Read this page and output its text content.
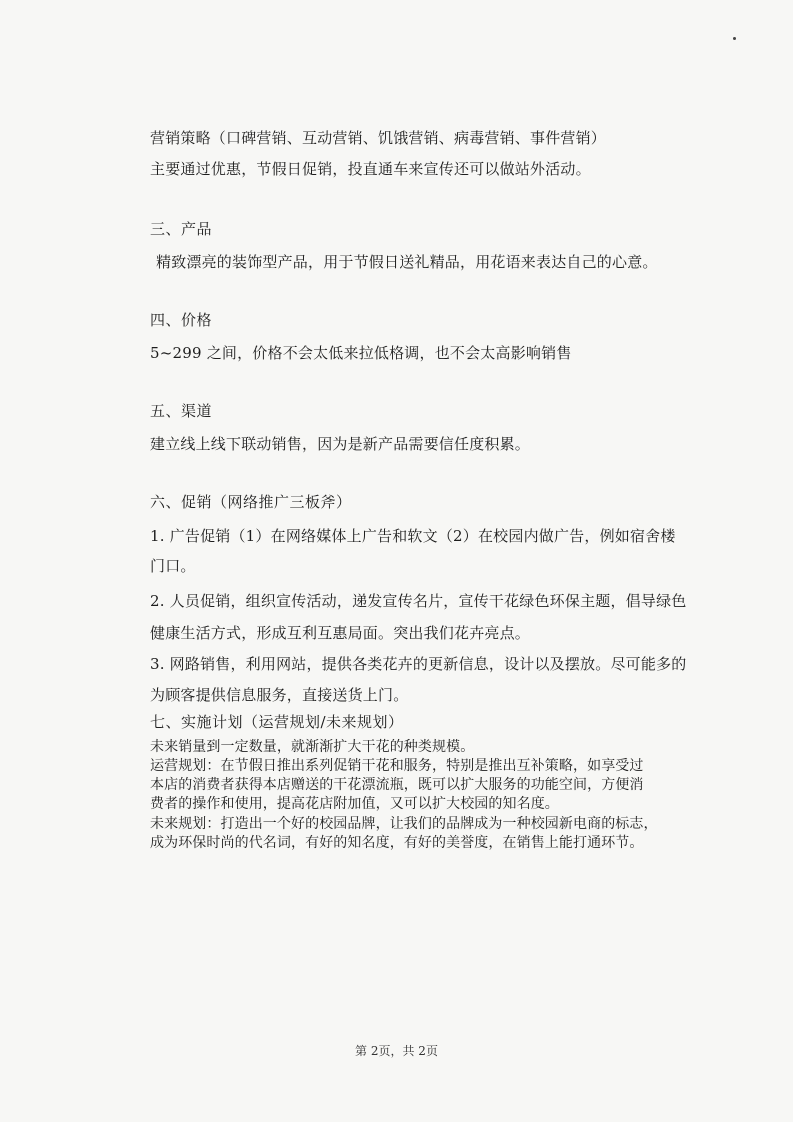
营销策略（口碑营销、互动营销、饥饿营销、病毒营销、事件营销）
主要通过优惠，节假日促销，投直通车来宣传还可以做站外活动。
三、产品
精致漂亮的装饰型产品，用于节假日送礼精品，用花语来表达自己的心意。
四、价格
5~299 之间，价格不会太低来拉低格调，也不会太高影响销售
五、渠道
建立线上线下联动销售，因为是新产品需要信任度积累。
六、促销（网络推广三板斧）
1. 广告促销（1）在网络媒体上广告和软文（2）在校园内做广告，例如宿舍楼
门口。
2. 人员促销，组织宣传活动，递发宣传名片，宣传干花绿色环保主题，倡导绿色
健康生活方式，形成互利互惠局面。突出我们花卉亮点。
3. 网路销售，利用网站，提供各类花卉的更新信息，设计以及摆放。尽可能多的
为顾客提供信息服务，直接送货上门。
七、实施计划（运营规划/未来规划）
未来销量到一定数量，就渐渐扩大干花的种类规模。
运营规划：在节假日推出系列促销干花和服务，特别是推出互补策略，如享受过
本店的消费者获得本店赠送的干花漂流瓶，既可以扩大服务的功能空间，方便消
费者的操作和使用，提高花店附加值，又可以扩大校园的知名度。
未来规划：打造出一个好的校园品牌，让我们的品牌成为一种校园新电商的标志，
成为环保时尚的代名词，有好的知名度，有好的美誉度，在销售上能打通环节。
第 2页，共 2页
